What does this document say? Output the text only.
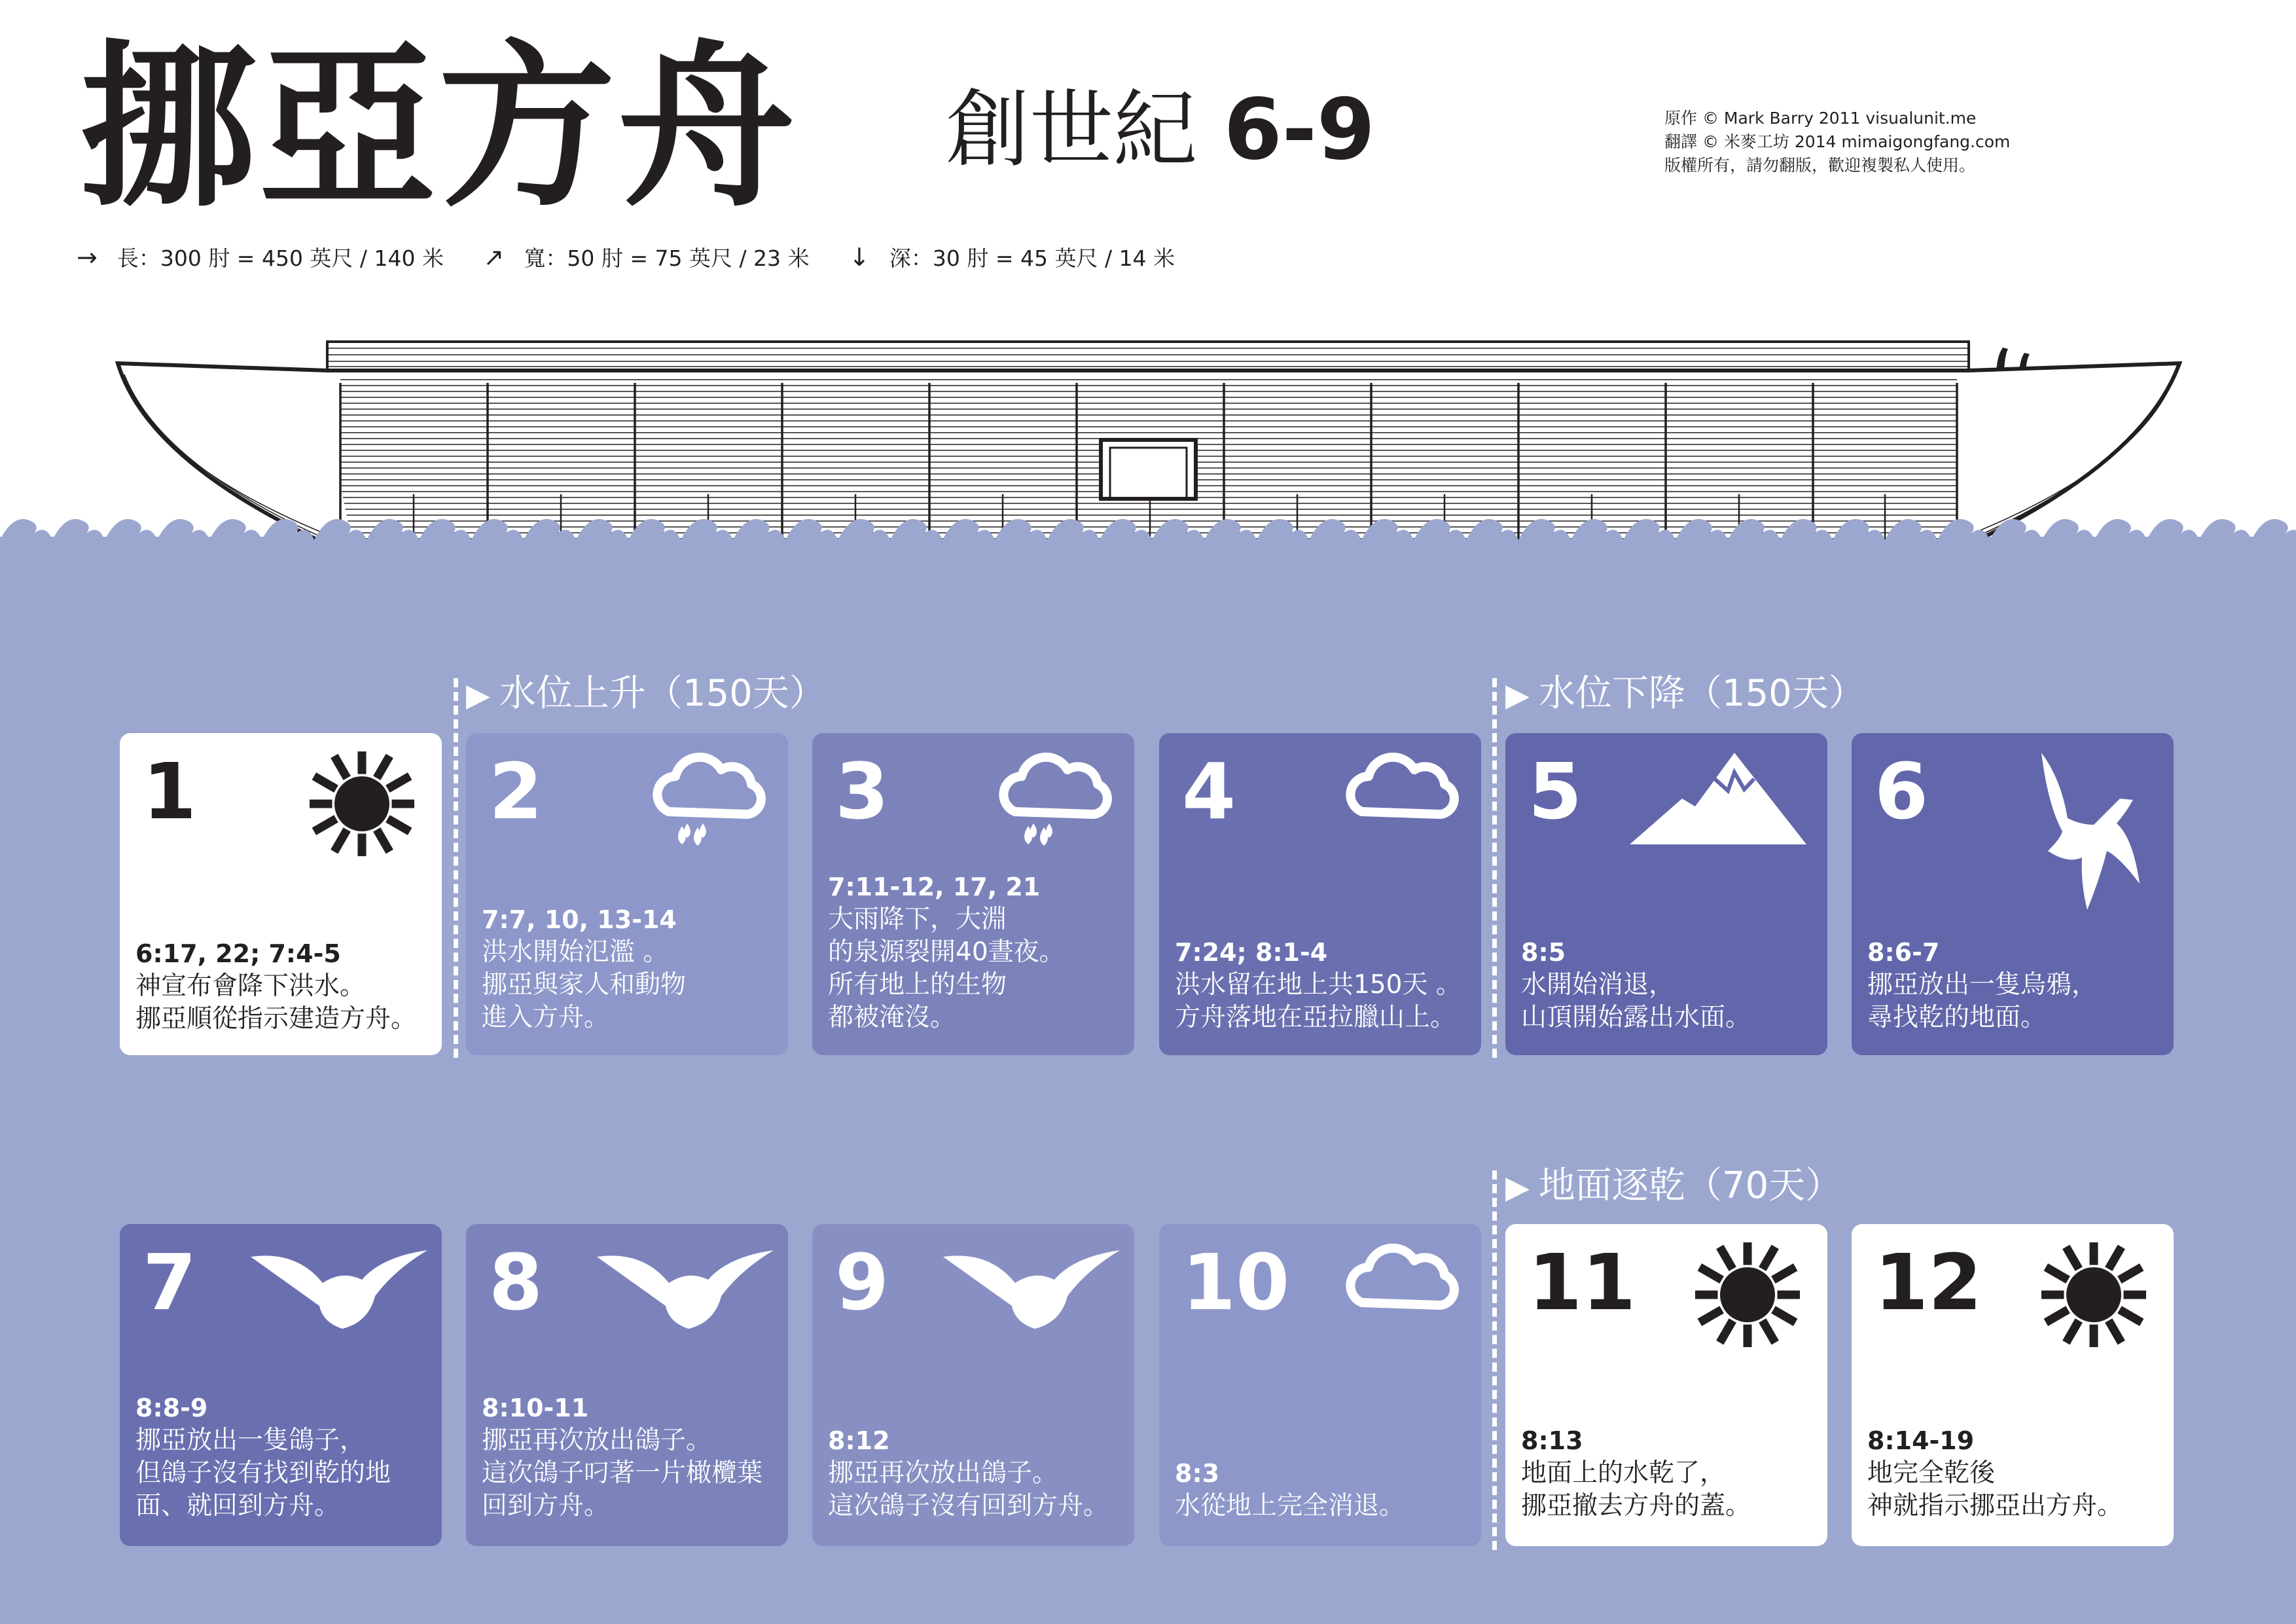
挪亞方舟 創世紀 6-9	原作 © Mark Barry 2011 visualunit.me
翻譯 © 米麥工坊 2014 mimaigongfang.com
版權所有，請勿翻版，歡迎複製私人使用。
→ 長：300 肘 = 450 英尺 / 140 米 ↗ 寬：50 肘 = 75 英尺 / 23 米 ↓ 深：30 肘 = 45 英尺 / 14 米
▶ 水位上升（150天）	▶ 水位下降（150天）
▶ 地面逐乾（70天）
1
6:17, 22; 7:4-5
神宣布會降下洪水。
挪亞順從指示建造方舟。
2
7:7, 10, 13-14
洪水開始氾濫 。
挪亞與家人和動物
進入方舟。
3
7:11-12, 17, 21
大雨降下，大淵
的泉源裂開40晝夜。
所有地上的生物
都被淹沒。
4
7:24; 8:1-4
洪水留在地上共150天 。
方舟落地在亞拉臘山上。
5
8:5
水開始消退，
山頂開始露出水面。
6
8:6-7
挪亞放出一隻烏鴉，
尋找乾的地面。
7
8:8-9
挪亞放出一隻鴿子，
但鴿子沒有找到乾的地
面、就回到方舟。
8
8:10-11
挪亞再次放出鴿子。
這次鴿子叼著一片橄欖葉
回到方舟。
9
8:12
挪亞再次放出鴿子。
這次鴿子沒有回到方舟。
10
8:3
水從地上完全消退。
11
8:13
地面上的水乾了，
挪亞撤去方舟的蓋。
12
8:14-19
地完全乾後
神就指示挪亞出方舟。
